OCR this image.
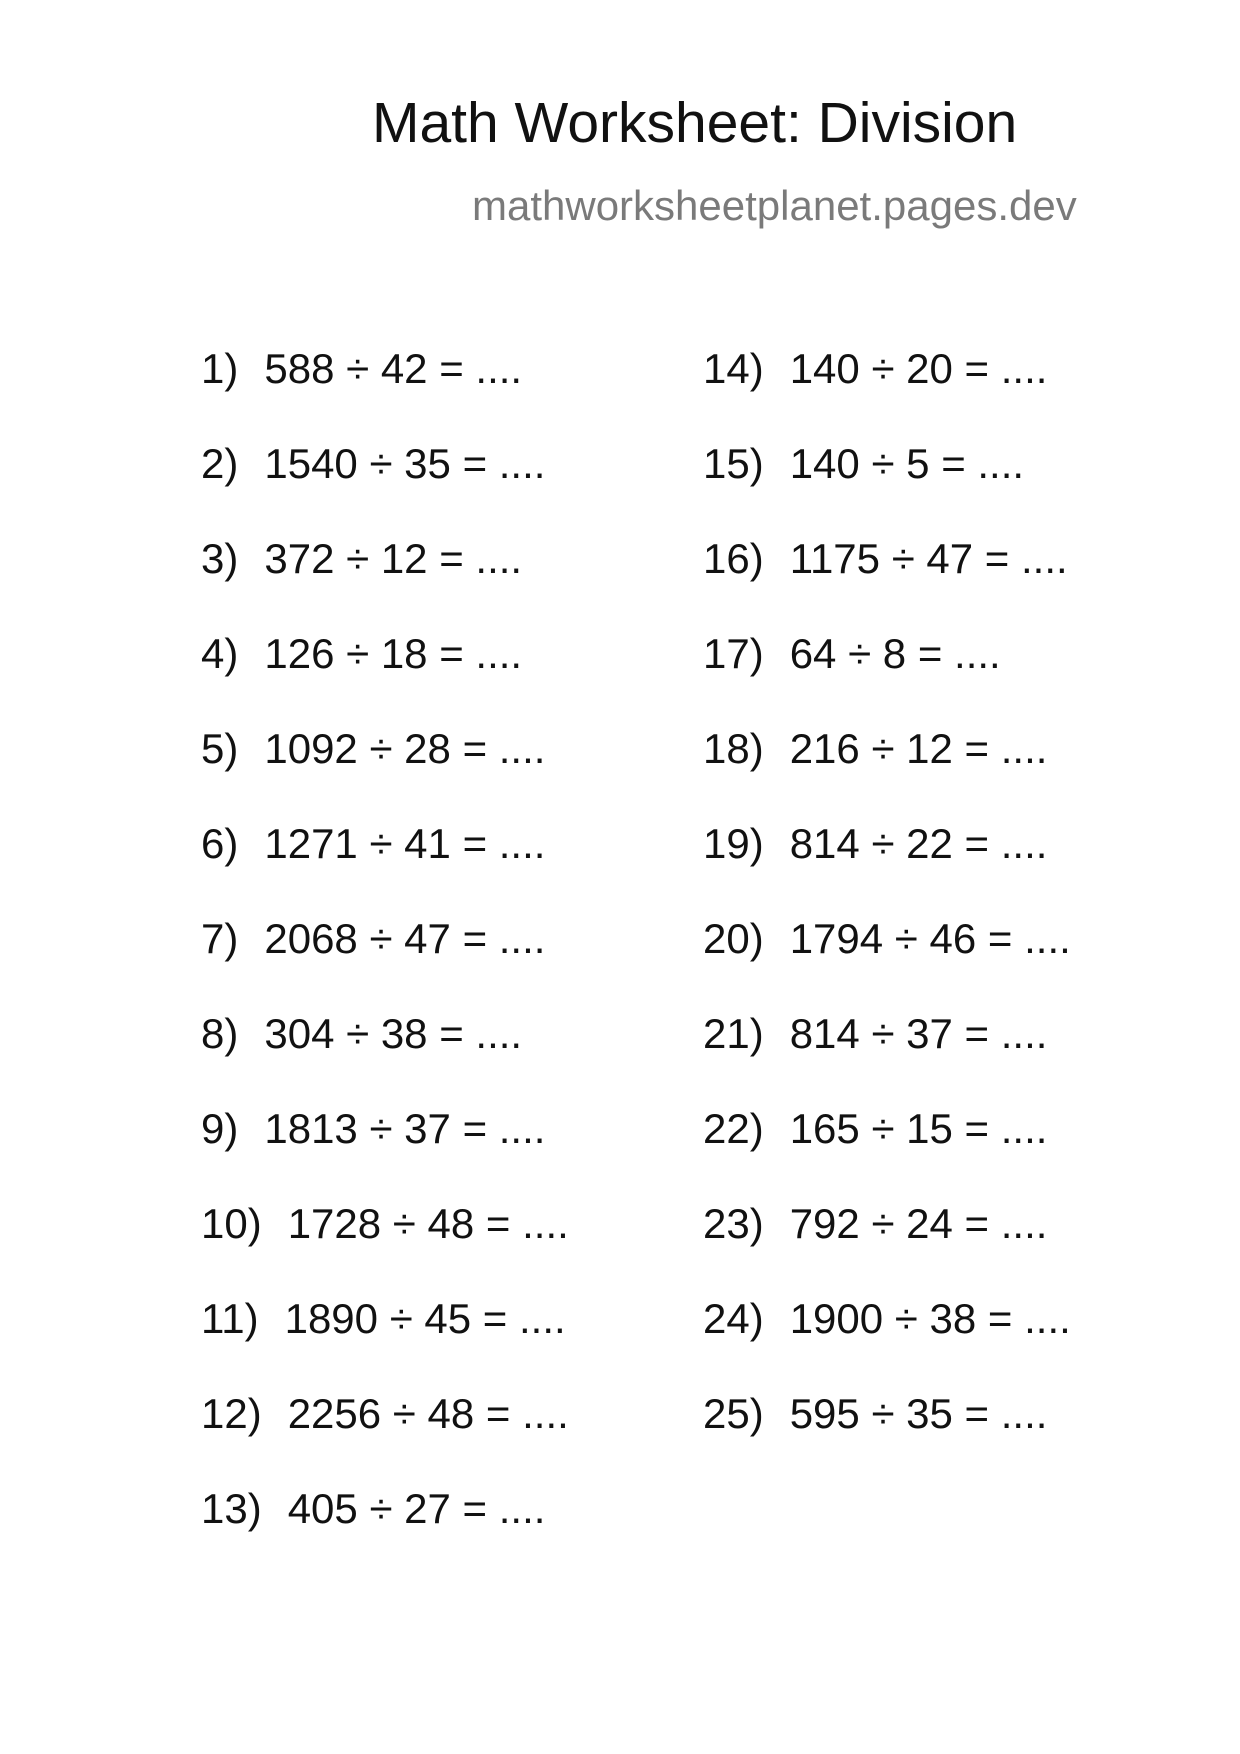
Math Worksheet: Division
mathworksheetplanet.pages.dev
1) 588 ÷ 42 = ....
2) 1540 ÷ 35 = ....
3) 372 ÷ 12 = ....
4) 126 ÷ 18 = ....
5) 1092 ÷ 28 = ....
6) 1271 ÷ 41 = ....
7) 2068 ÷ 47 = ....
8) 304 ÷ 38 = ....
9) 1813 ÷ 37 = ....
10) 1728 ÷ 48 = ....
11) 1890 ÷ 45 = ....
12) 2256 ÷ 48 = ....
13) 405 ÷ 27 = ....
14) 140 ÷ 20 = ....
15) 140 ÷ 5 = ....
16) 1175 ÷ 47 = ....
17) 64 ÷ 8 = ....
18) 216 ÷ 12 = ....
19) 814 ÷ 22 = ....
20) 1794 ÷ 46 = ....
21) 814 ÷ 37 = ....
22) 165 ÷ 15 = ....
23) 792 ÷ 24 = ....
24) 1900 ÷ 38 = ....
25) 595 ÷ 35 = ....
